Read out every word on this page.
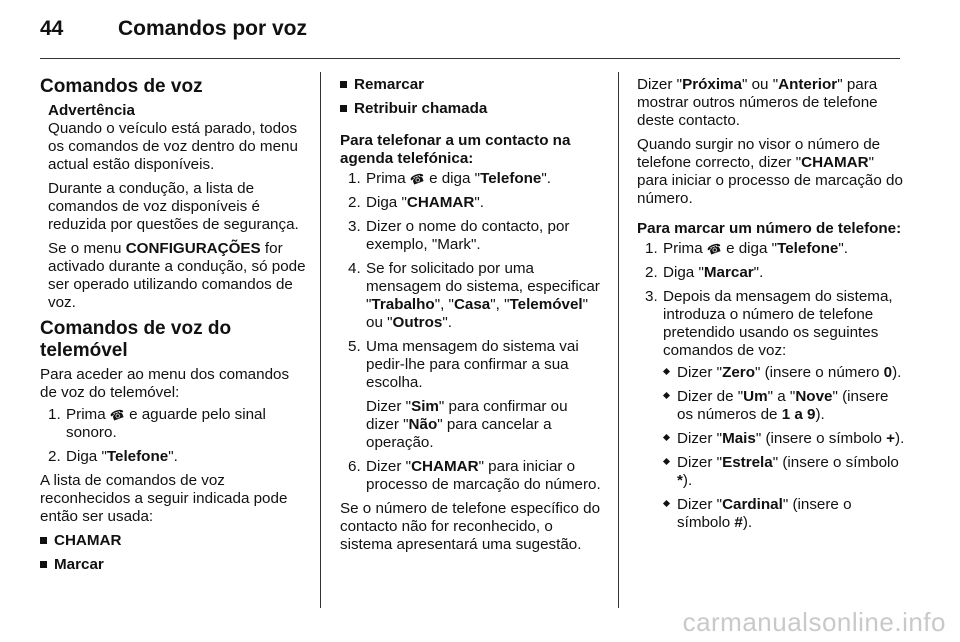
44	Comandos por voz
Comandos de voz
Advertência

Quando o veículo está parado, todos os comandos de voz dentro do menu actual estão disponíveis.

Durante a condução, a lista de comandos de voz disponíveis é reduzida por questões de segurança.

Se o menu CONFIGURAÇÕES for activado durante a condução, só pode ser operado utilizando comandos de voz.

Comandos de voz do telemóvel

Para aceder ao menu dos comandos de voz do telemóvel:

1. Prima ☎︎ e aguarde pelo sinal sonoro.
2. Diga "Telefone".

A lista de comandos de voz reconhecidos a seguir indicada pode então ser usada:

CHAMAR
Marcar
Remarcar
Retribuir chamada
Para telefonar a um contacto na agenda telefónica:
1. Prima ☎︎ e diga "Telefone".
2. Diga "CHAMAR".
3. Dizer o nome do contacto, por exemplo, "Mark".
4. Se for solicitado por uma mensagem do sistema, especificar "Trabalho", "Casa", "Telemóvel" ou "Outros".
5. Uma mensagem do sistema vai pedir-lhe para confirmar a sua escolha.

Dizer "Sim" para confirmar ou dizer "Não" para cancelar a operação.

6. Dizer "CHAMAR" para iniciar o processo de marcação do número.

Se o número de telefone específico do contacto não for reconhecido, o sistema apresentará uma sugestão.

Dizer "Próxima" ou "Anterior" para mostrar outros números de telefone deste contacto.

Quando surgir no visor o número de telefone correcto, dizer "CHAMAR" para iniciar o processo de marcação do número.

Para marcar um número de telefone:
1. Prima ☎︎ e diga "Telefone".
2. Diga "Marcar".
3. Depois da mensagem do sistema, introduza o número de telefone pretendido usando os seguintes comandos de voz:
Dizer "Zero" (insere o número 0).
Dizer de "Um" a "Nove" (insere os números de 1 a 9).
Dizer "Mais" (insere o símbolo +).
Dizer "Estrela" (insere o símbolo *).
Dizer "Cardinal" (insere o símbolo #).
carmanualsonline.info
